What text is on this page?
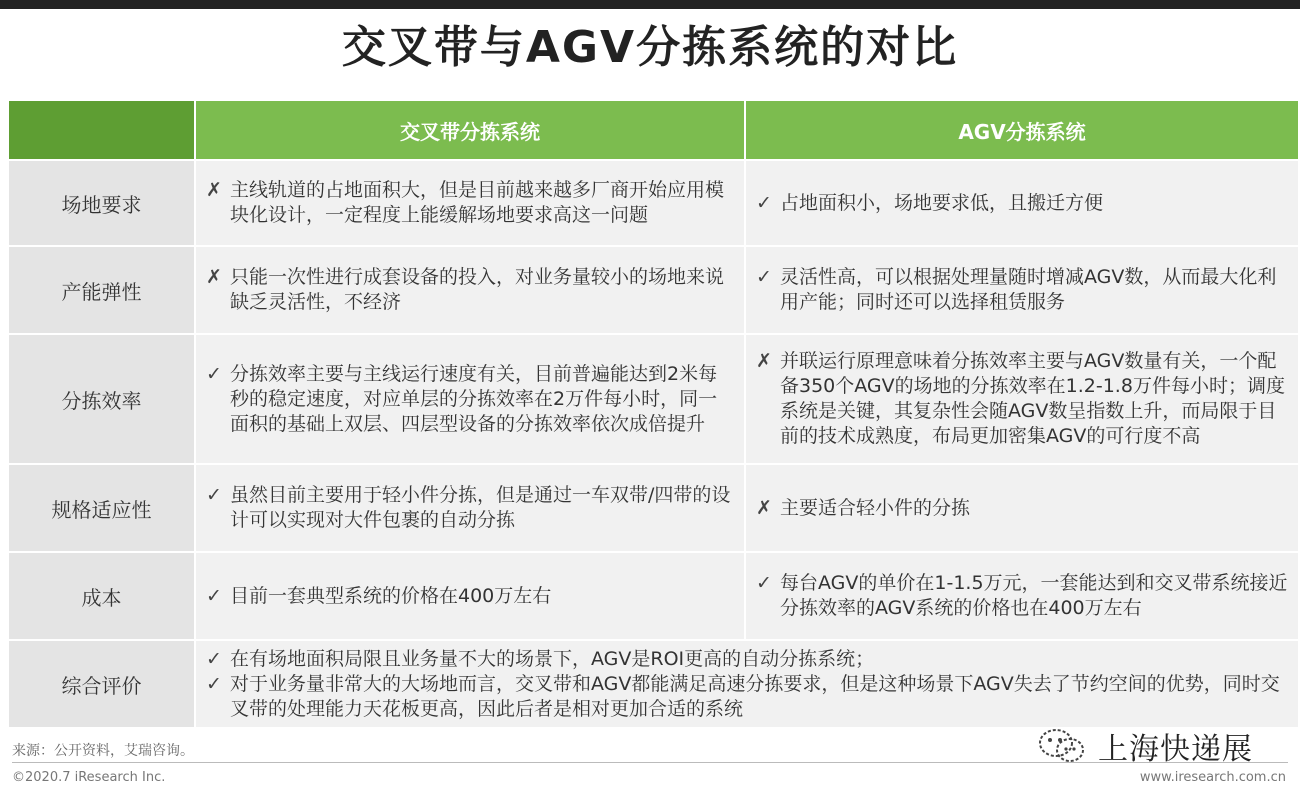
交叉带与AGV分拣系统的对比
交叉带分拣系统	AGV分拣系统
场地要求
✗ 主线轨道的占地面积大，但是目前越来越多厂商开始应用模块化设计，一定程度上能缓解场地要求高这一问题
✓ 占地面积小，场地要求低，且搬迁方便
产能弹性
✗ 只能一次性进行成套设备的投入，对业务量较小的场地来说缺乏灵活性，不经济
✓ 灵活性高，可以根据处理量随时增减AGV数，从而最大化利用产能；同时还可以选择租赁服务
分拣效率
✓ 分拣效率主要与主线运行速度有关，目前普遍能达到2米每秒的稳定速度，对应单层的分拣效率在2万件每小时，同一面积的基础上双层、四层型设备的分拣效率依次成倍提升
✗ 并联运行原理意味着分拣效率主要与AGV数量有关，一个配备350个AGV的场地的分拣效率在1.2-1.8万件每小时；调度系统是关键，其复杂性会随AGV数呈指数上升，而局限于目前的技术成熟度，布局更加密集AGV的可行度不高
规格适应性
✓ 虽然目前主要用于轻小件分拣，但是通过一车双带/四带的设计可以实现对大件包裹的自动分拣
✗ 主要适合轻小件的分拣
成本	✓ 目前一套典型系统的价格在400万左右
✓ 每台AGV的单价在1-1.5万元，一套能达到和交叉带系统接近分拣效率的AGV系统的价格也在400万左右
综合评价
✓ 在有场地面积局限且业务量不大的场景下，AGV是ROI更高的自动分拣系统；
✓ 对于业务量非常大的大场地而言，交叉带和AGV都能满足高速分拣要求，但是这种场景下AGV失去了节约空间的优势，同时交叉带的处理能力天花板更高，因此后者是相对更加合适的系统
来源：公开资料，艾瑞咨询。
©2020.7 iResearch Inc.
上海快递展
www.iresearch.com.cn
